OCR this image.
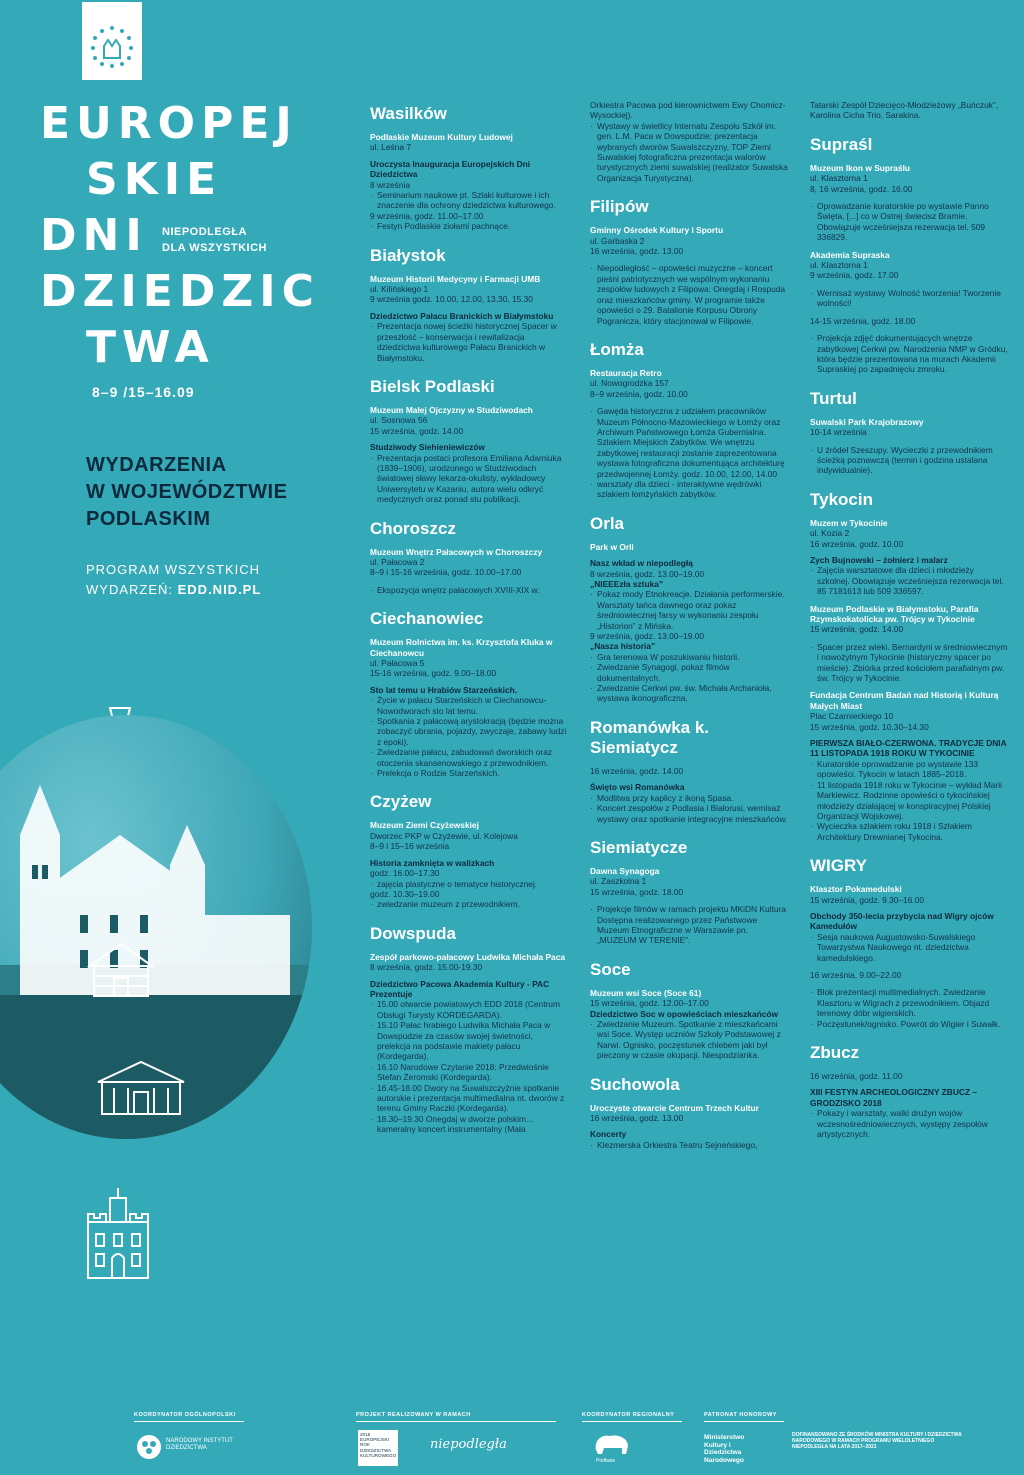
EUROPEJ
SKIE
DNI
DZIEDZIC
TWA
NIEPODLEGŁA
DLA WSZYSTKICH
8–9 /15–16.09
WYDARZENIA
W WOJEWÓDZTWIE
PODLASKIM
PROGRAM WSZYSTKICH
WYDARZEŃ: EDD.NID.PL
Wasilków
Podlaskie Muzeum Kultury Ludowej
ul. Leśna 7
Uroczysta Inauguracja Europejskich Dni Dziedzictwa
8 września
· Seminarium naukowe pt. Szlaki kulturowe i ich znaczenie dla ochrony dziedzictwa kulturowego.
9 września, godz. 11.00–17.00
· Festyn Podlaskie ziołami pachnące.
Białystok
Muzeum Historii Medycyny i Farmacji UMB
ul. Kilińskiego 1
9 września godz. 10.00, 12.00, 13.30, 15.30
Dziedzictwo Pałacu Branickich w Białymstoku
· Prezentacja nowej ścieżki historycznej Spacer w przeszłość – konserwacja i rewitalizacja dziedzictwa kulturowego Pałacu Branickich w Białymstoku.
Bielsk Podlaski
Muzeum Małej Ojczyzny w Studziwodach
ul. Sosnowa 56
15 września, godz. 14.00
Studziwody Siehieniewiczów
· Prezentacja postaci profesora Emiliana Adamiuka (1839–1906), urodzonego w Studziwodach światowej sławy lekarza-okulisty, wykładowcy Uniwersytetu w Kazaniu, autora wielu odkryć medycznych oraz ponad stu publikacji.
Choroszcz
Muzeum Wnętrz Pałacowych w Choroszczy
ul. Pałacowa 2
8–9 i 15-16 września, godz. 10.00–17.00
· Ekspozycja wnętrz pałacowych XVIII-XIX w.
Ciechanowiec
Muzeum Rolnictwa im. ks. Krzysztofa Kluka w Ciechanowcu
ul. Pałacowa 5
15-16 września, godz. 9.00–18.00
Sto lat temu u Hrabiów Starzeńskich.
· Życie w pałacu Starzeńskich w Ciechanowcu-Nowodworach sto lat temu.
· Spotkania z pałacową arystokracją (będzie można zobaczyć ubrania, pojazdy, zwyczaje, zabawy ludzi z epoki).
· Zwiedzanie pałacu, zabudowań dworskich oraz otoczenia skansenowskiego z przewodnikiem.
· Prelekcja o Rodzie Starzeńskich.
Czyżew
Muzeum Ziemi Czyżewskiej
Dworzec PKP w Czyżewie, ul. Kolejowa
8–9 i 15–16 września
Historia zamknięta w walizkach
godz. 16.00–17.30
· zajęcia plastyczne o tematyce historycznej.
godz. 10.30–19.00
· zwiedzanie muzeum z przewodnikiem.
Dowspuda
Zespół parkowo-pałacowy Ludwika Michała Paca
8 września, godz. 15.00-19.30
Dziedzictwo Pacowa Akademia Kultury - PAC Prezentuje
· 15.00 otwarcie powiatowych EDD 2018 (Centrum Obsługi Turysty KORDEGARDA).
· 15.10 Pałac hrabiego Ludwika Michała Paca w Dowspudzie za czasów swojej świetności, prelekcja na podstawie makiety pałacu (Kordegarda).
· 16.10 Narodowe Czytanie 2018: Przedwiośnie Stefan Żeromski (Kordegarda).
· 16.45-18.00 Dwory na Suwalszczyźnie spotkanie autorskie i prezentacja multimedialna nt. dworów z terenu Gminy Raczki (Kordegarda).
· 18.30–19.30 Onegdaj w dworze polskim... kameralny koncert instrumentalny (Mała
Orkiestra Pacowa pod kierownictwem Ewy Chomicz-Wysockiej).
· Wystawy w świetlicy Internatu Zespołu Szkół im. gen. L.M. Paca w Dowspudzie; prezentacja wybranych dworów Suwalszczyzny, TOP Ziemi Suwalskiej fotograficzna prezentacja walorów turystycznych ziemi suwalskiej (realizator Suwalska Organizacja Turystyczna).
Filipów
Gminny Ośrodek Kultury i Sportu
ul. Garbaska 2
16 września, godz. 13.00
· Niepodległość – opowieści muzyczne – koncert pieśni patriotycznych we wspólnym wykonaniu zespołów ludowych z Filipowa: Onegdaj i Rospuda oraz mieszkańców gminy. W programie także opowieści o 29. Batalionie Korpusu Obrony Pogranicza, który stacjonował w Filipowie.
Łomża
Restauracja Retro
ul. Nowogrodzka 157
8–9 września, godz. 10.00
· Gawęda historyczna z udziałem pracowników Muzeum Północno-Mazowieckiego w Łomży oraz Archiwum Państwowego Łomża Gubernialna. Szlakiem Miejskich Zabytków. We wnętrzu zabytkowej restauracji zostanie zaprezentowana wystawa fotograficzna dokumentująca architekturę przedwojennej Łomży. godz. 10.00, 12.00, 14.00
· warsztaty dla dzieci - interaktywne wędrówki szlakiem łomżyńskich zabytków.
Orla
Park w Orli
Nasz wkład w niepodległą
8 września, godz. 13.00–19.00
„NIEEEzła sztuka”
· Pokaz mody Etnokreacje. Działania performerskie. Warsztaty tańca dawnego oraz pokaz średniowiecznej farsy w wykonaniu zespołu „Historion” z Mińska.
9 września, godz. 13.00–19.00
„Nasza historia”
· Gra terenowa W poszukiwaniu historii.
· Zwiedzanie Synagogi, pokaz filmów dokumentalnych.
· Zwiedzanie Cerkwi pw. św. Michała Archanioła, wystawa ikonograficzna.
Romanówka k. Siemiatycz
16 września, godz. 14.00
Święto wsi Romanówka
· Modlitwa przy kaplicy z ikoną Spasa.
· Koncert zespołów z Podlasia i Białorusi, wernisaż wystawy oraz spotkanie integracyjne mieszkańców.
Siemiatycze
Dawna Synagoga
ul. Zaszkolna 1
15 września, godz. 18.00
· Projekcje filmów w ramach projektu MKiDN Kultura Dostępna realizowanego przez Państwowe Muzeum Etnograficzne w Warszawie pn. „MUZEUM W TERENIE”.
Soce
Muzeum wsi Soce (Soce 61)
15 września, godz. 12.00–17.00
Dziedzictwo Soc w opowieściach mieszkańców
· Zwiedzanie Muzeum. Spotkanie z mieszkańcami wsi Soce. Występ uczniów Szkoły Podstawowej z Narwi. Ognisko, poczęstunek chlebem jaki był pieczony w czasie okupacji. Niespodzianka.
Suchowola
Uroczyste otwarcie Centrum Trzech Kultur
16 września, godz. 13.00
Koncerty
· Klezmerska Orkiestra Teatru Sejneńskiego,
Tatarski Zespół Dziecięco-Młodzieżowy „Buńczuk”, Karolina Cicha Trio, Sarakina.
Supraśl
Muzeum Ikon w Supraślu
ul. Klasztorna 1
8, 16 września, godz. 16.00
· Oprowadzanie kuratorskie po wystawie Panno Święta, [...] co w Ostrej świecisz Bramie. Obowiązuje wcześniejsza rezerwacja tel. 509 336829.
Akademia Supraska
ul. Klasztorna 1
9 września, godz. 17.00
· Wernisaż wystawy Wolność tworzenia! Tworzenie wolności!
14-15 września, godz. 18.00
· Projekcja zdjęć dokumentujących wnętrze zabytkowej Cerkwi pw. Narodzenia NMP w Gródku, która będzie prezentowana na murach Akademii Supraskiej po zapadnięciu zmroku.
Turtul
Suwalski Park Krajobrazowy
10-14 września
· U źródeł Szeszupy. Wycieczki z przewodnikiem ścieżką poznawczą (termin i godzina ustalana indywidualnie).
Tykocin
Muzem w Tykocinie
ul. Kozia 2
16 września, godz. 10.00
Zych Bujnowski – żołnierz i malarz
· Zajęcia warsztatowe dla dzieci i młodzieży szkolnej. Obowiązuje wcześniejsza rezerwacja tel. 85 7181613 lub 509 336597.
Muzeum Podlaskie w Białymstoku, Parafia Rzymskokatolicka pw. Trójcy w Tykocinie
15 września, godz. 14.00
· Spacer przez wieki. Bernardyni w średniowiecznym i nowożytnym Tykocinie (historyczny spacer po mieście). Zbiórka przed kościołem parafialnym pw. św. Trójcy w Tykocinie.
Fundacja Centrum Badań nad Historią i Kulturą Małych Miast
Plac Czarnieckiego 10
15 września, godz. 10.30–14.30
PIERWSZA BIAŁO-CZERWONA. TRADYCJE DNIA 11 LISTOPADA 1918 ROKU W TYKOCINIE
· Kuratorskie oprowadzanie po wystawie 133 opowieści. Tykocin w latach 1885–2018.
· 11 listopada 1918 roku w Tykocinie – wykład Marii Markiewicz. Rodzinne opowieści o tykocińskiej młodzieży działającej w konspiracyjnej Polskiej Organizacji Wojskowej.
· Wycieczka szlakiem roku 1918 i Szlakiem Architektury Drewnianej Tykocina.
WIGRY
Klasztor Pokamedulski
15 września, godz. 9.30–16.00
Obchody 350-lecia przybycia nad Wigry ojców Kamedułów
· Sesja naukowa Augustowsko-Suwalskiego Towarzystwa Naukowego nt. dziedzictwa kamedulskiego.
16 września, 9.00–22.00
· Blok prezentacji multimedialnych. Zwiedzanie Klasztoru w Wigrach z przewodnikiem. Objazd terenowy dóbr wigierskich.
· Poczęstunek/ognisko. Powrót do Wigier i Suwałk.
Zbucz
16 września, godz. 11.00
XIII FESTYN ARCHEOLOGICZNY ZBUCZ – GRODZISKO 2018
· Pokazy i warsztaty, walki drużyn wojów wczesnośredniowiecznych, występy zespołów artystycznych.
KOORDYNATOR OGÓLNOPOLSKI	PROJEKT REALIZOWANY W RAMACH	KOORDYNATOR REGIONALNY	PATRONAT HONOROWY
NARODOWY INSTYTUT DZIEDZICTWA
2018 EUROPEJSKI ROK DZIEDZICTWA KULTUROWEGO
niepodległa
Podlasie
Ministerstwo Kultury i Dziedzictwa Narodowego
DOFINANSOWANO ZE ŚRODKÓW MINISTRA KULTURY I DZIEDZICTWA NARODOWEGO W RAMACH PROGRAMU WIELOLETNIEGO NIEPODLEGŁA NA LATA 2017–2021
